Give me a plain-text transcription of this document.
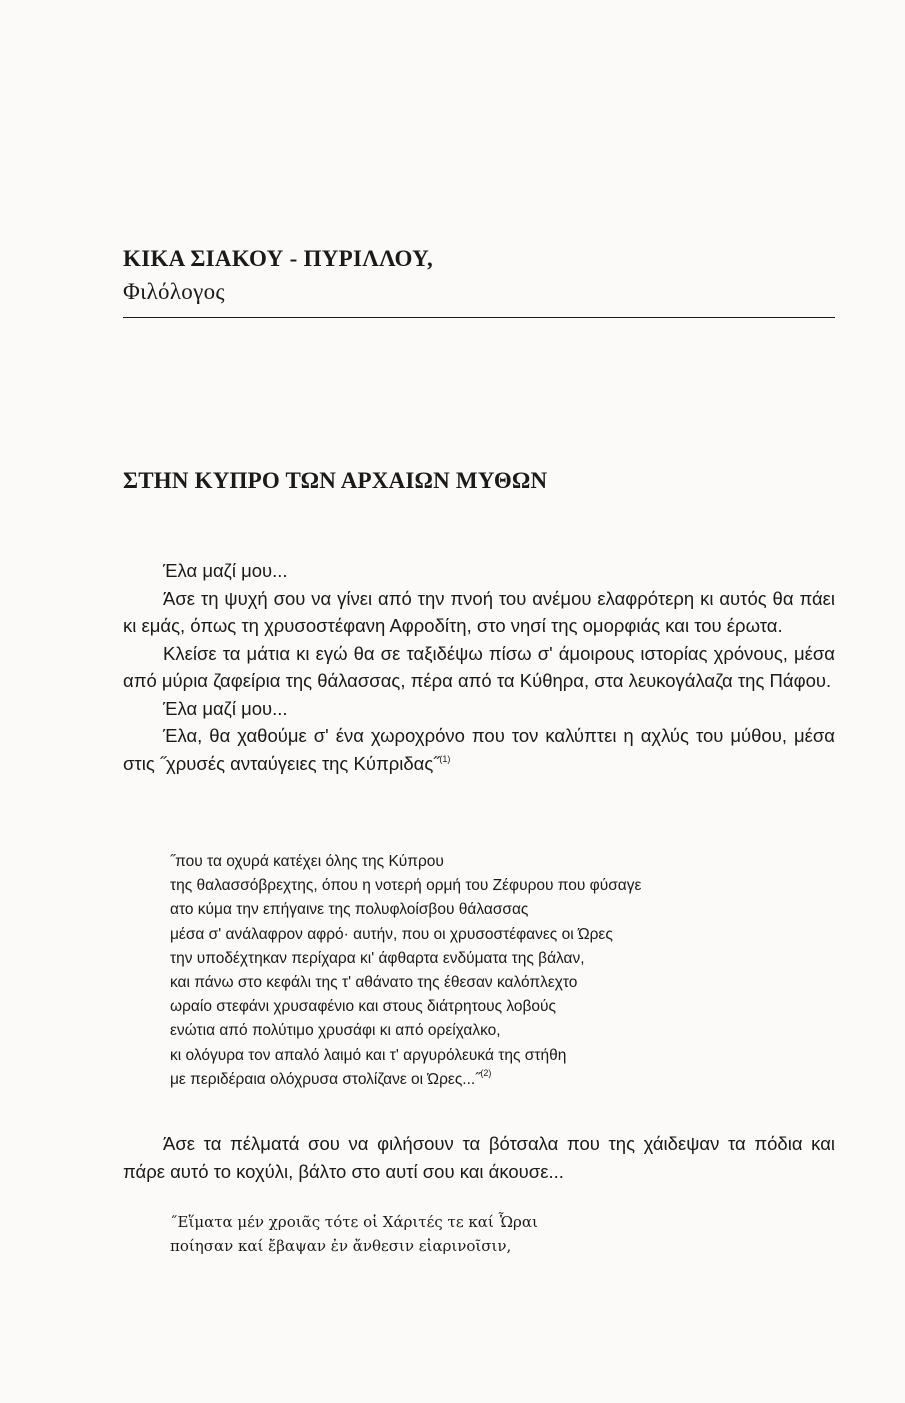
ΚΙΚΑ ΣΙΑΚΟΥ - ΠΥΡΙΛΛΟΥ,
Φιλόλογος
ΣΤΗΝ ΚΥΠΡΟ ΤΩΝ ΑΡΧΑΙΩΝ ΜΥΘΩΝ

Έλα μαζί μου...

Άσε τη ψυχή σου να γίνει από την πνοή του ανέμου ελαφρότερη κι αυτός θα πάει κι εμάς, όπως τη χρυσοστέφανη Αφροδίτη, στο νησί της ομορφιάς και του έρωτα.

Κλείσε τα μάτια κι εγώ θα σε ταξιδέψω πίσω σ' άμοιρους ιστορίας χρόνους, μέσα από μύρια ζαφείρια της θάλασσας, πέρα από τα Κύθηρα, στα λευκογάλαζα της Πάφου.

Έλα μαζί μου...

Έλα, θα χαθούμε σ' ένα χωροχρόνο που τον καλύπτει η αχλύς του μύθου, μέσα στις ˝χρυσές ανταύγειες της Κύπριδας˝$^{(1)}$

˝που τα οχυρά κατέχει όλης της Κύπρου
της θαλασσόβρεχτης, όπου η νοτερή ορμή του Ζέφυρου που φύσαγε
ατο κύμα την επήγαινε της πολυφλοίσβου θάλασσας
μέσα σ' ανάλαφρον αφρό· αυτήν, που οι χρυσοστέφανες οι Ώρες
την υποδέχτηκαν περίχαρα κι' άφθαρτα ενδύματα της βάλαν,
και πάνω στο κεφάλι της τ' αθάνατο της έθεσαν καλόπλεχτο
ωραίο στεφάνι χρυσαφένιο και στους διάτρητους λοβούς
ενώτια από πολύτιμο χρυσάφι κι από ορείχαλκο,
κι ολόγυρα τον απαλό λαιμό και τ' αργυρόλευκά της στήθη
με περιδέραια ολόχρυσα στολίζανε οι Ώρες...˝$^{(2)}$

Άσε τα πέλματά σου να φιλήσουν τα βότσαλα που της χάιδεψαν τα πόδια και πάρε αυτό το κοχύλι, βάλτο στο αυτί σου και άκουσε...

˝Εἵματα μέν χροιᾶς τότε οἱ Χάριτές τε καί Ὧραι
ποίησαν καί ἔβαψαν ἐν ἄνθεσιν εἰαρινοῖσιν,
